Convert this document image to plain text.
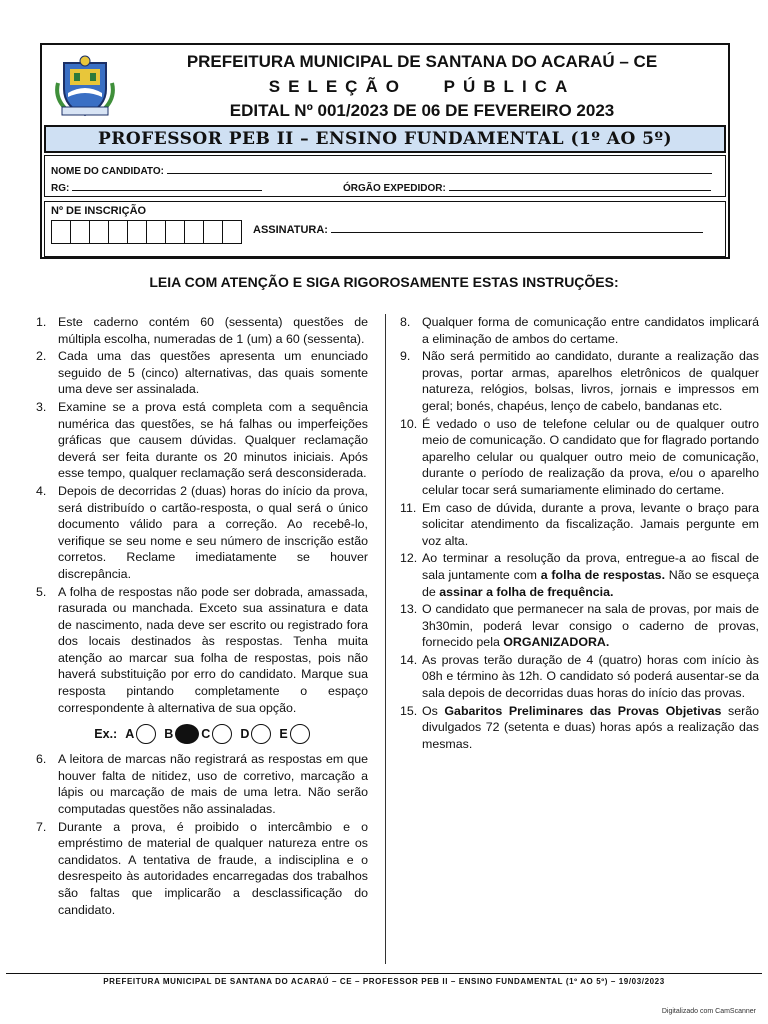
PREFEITURA MUNICIPAL DE SANTANA DO ACARAÚ – CE
SELEÇÃO PÚBLICA
EDITAL Nº 001/2023 DE 06 DE FEVEREIRO 2023
PROFESSOR PEB II – ENSINO FUNDAMENTAL (1º AO 5º)
NOME DO CANDIDATO:
RG:	ÓRGÃO EXPEDIDOR:
Nº DE INSCRIÇÃO
ASSINATURA:
LEIA COM ATENÇÃO E SIGA RIGOROSAMENTE ESTAS INSTRUÇÕES:
1. Este caderno contém 60 (sessenta) questões de múltipla escolha, numeradas de 1 (um) a 60 (sessenta).
2. Cada uma das questões apresenta um enunciado seguido de 5 (cinco) alternativas, das quais somente uma deve ser assinalada.
3. Examine se a prova está completa com a sequência numérica das questões, se há falhas ou imperfeições gráficas que causem dúvidas. Qualquer reclamação deverá ser feita durante os 20 minutos iniciais. Após esse tempo, qualquer reclamação será desconsiderada.
4. Depois de decorridas 2 (duas) horas do início da prova, será distribuído o cartão-resposta, o qual será o único documento válido para a correção. Ao recebê-lo, verifique se seu nome e seu número de inscrição estão corretos. Reclame imediatamente se houver discrepância.
5. A folha de respostas não pode ser dobrada, amassada, rasurada ou manchada. Exceto sua assinatura e data de nascimento, nada deve ser escrito ou registrado fora dos locais destinados às respostas. Tenha muita atenção ao marcar sua folha de respostas, pois não haverá substituição por erro do candidato. Marque sua resposta pintando completamente o espaço correspondente à alternativa de sua opção.
Ex.: A B C D E
6. A leitora de marcas não registrará as respostas em que houver falta de nitidez, uso de corretivo, marcação a lápis ou marcação de mais de uma letra. Não serão computadas questões não assinaladas.
7. Durante a prova, é proibido o intercâmbio e o empréstimo de material de qualquer natureza entre os candidatos. A tentativa de fraude, a indisciplina e o desrespeito às autoridades encarregadas dos trabalhos são faltas que implicarão a desclassificação do candidato.
8. Qualquer forma de comunicação entre candidatos implicará a eliminação de ambos do certame.
9. Não será permitido ao candidato, durante a realização das provas, portar armas, aparelhos eletrônicos de qualquer natureza, relógios, bolsas, livros, jornais e impressos em geral; bonés, chapéus, lenço de cabelo, bandanas etc.
10. É vedado o uso de telefone celular ou de qualquer outro meio de comunicação. O candidato que for flagrado portando aparelho celular ou qualquer outro meio de comunicação, durante o período de realização da prova, e/ou o aparelho celular tocar será sumariamente eliminado do certame.
11. Em caso de dúvida, durante a prova, levante o braço para solicitar atendimento da fiscalização. Jamais pergunte em voz alta.
12. Ao terminar a resolução da prova, entregue-a ao fiscal de sala juntamente com a folha de respostas. Não se esqueça de assinar a folha de frequência.
13. O candidato que permanecer na sala de provas, por mais de 3h30min, poderá levar consigo o caderno de provas, fornecido pela ORGANIZADORA.
14. As provas terão duração de 4 (quatro) horas com início às 08h e término às 12h. O candidato só poderá ausentar-se da sala depois de decorridas duas horas do início das provas.
15. Os Gabaritos Preliminares das Provas Objetivas serão divulgados 72 (setenta e duas) horas após a realização das mesmas.
PREFEITURA MUNICIPAL DE SANTANA DO ACARAÚ – CE – PROFESSOR PEB II – ENSINO FUNDAMENTAL (1º AO 5º) – 19/03/2023
Digitalizado com CamScanner
